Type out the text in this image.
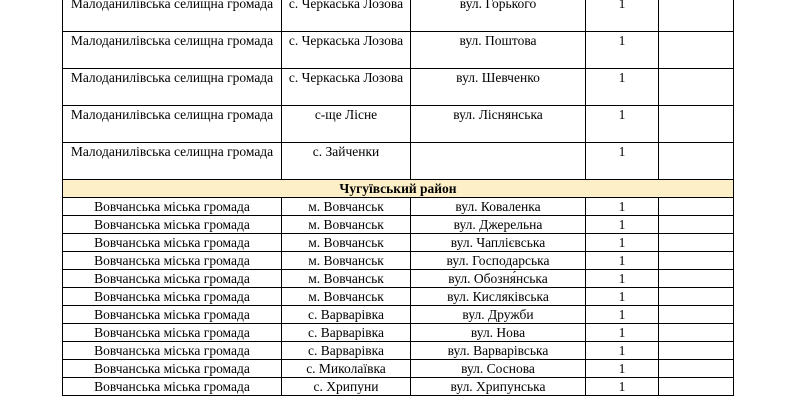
Малоданилівська селищна громада	с. Черкаська Лозова	вул. Горького	1	
Малоданилівська селищна громада	с. Черкаська Лозова	вул. Поштова	1	
Малоданилівська селищна громада	с. Черкаська Лозова	вул. Шевченко	1	
Малоданилівська селищна громада	с-ще Лісне	вул. Ліснянська	1	
Малоданилівська селищна громада	с. Зайченки		1	
Чугуївський район				
Вовчанська міська громада	м. Вовчанськ	вул. Коваленка	1	
Вовчанська міська громада	м. Вовчанськ	вул. Джерельна	1	
Вовчанська міська громада	м. Вовчанськ	вул. Чаплієвська	1	
Вовчанська міська громада	м. Вовчанськ	вул. Господарська	1	
Вовчанська міська громада	м. Вовчанськ	вул. Обозня́нська	1	
Вовчанська міська громада	м. Вовчанськ	вул. Кисляківська	1	
Вовчанська міська громада	с. Варварівка	вул. Дружби	1	
Вовчанська міська громада	с. Варварівка	вул. Нова	1	
Вовчанська міська громада	с. Варварівка	вул. Варварівська	1	
Вовчанська міська громада	с. Миколаївка	вул. Соснова	1	
Вовчанська міська громада	с. Хрипуни	вул. Хрипунська	1	
